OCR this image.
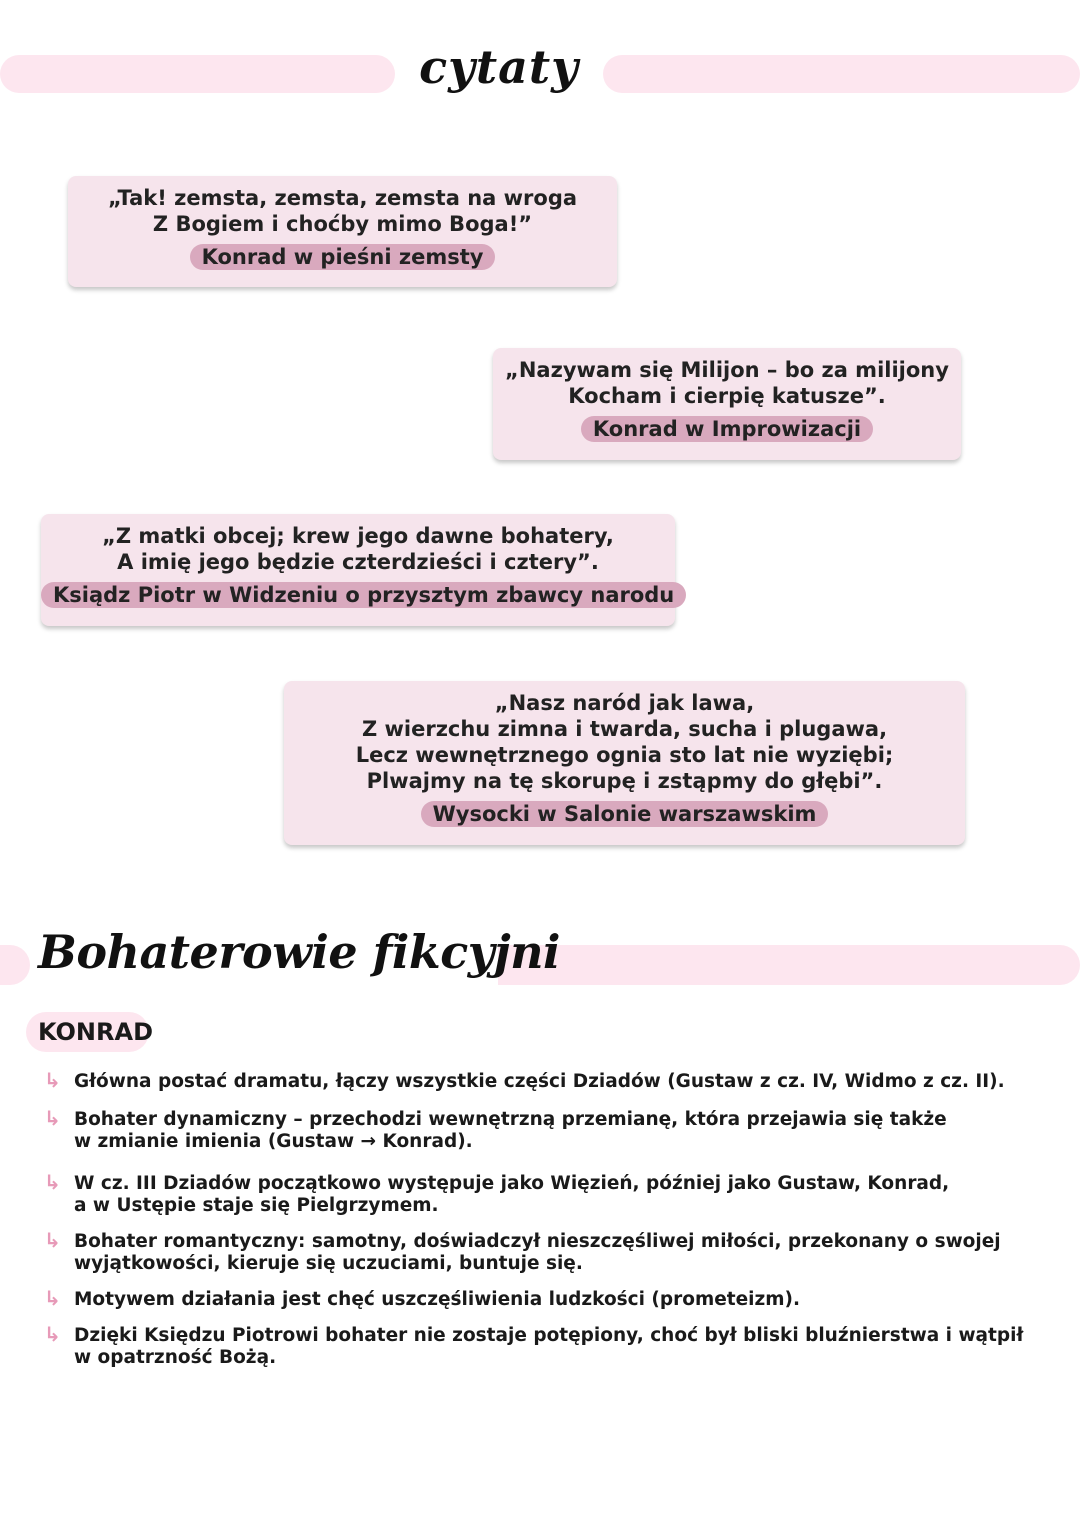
cytaty
„Tak! zemsta, zemsta, zemsta na wroga
Z Bogiem i choćby mimo Boga!”
Konrad w pieśni zemsty
„Nazywam się Milijon – bo za milijony
Kocham i cierpię katusze”.
Konrad w Improwizacji
„Z matki obcej; krew jego dawne bohatery,
A imię jego będzie czterdzieści i cztery”.
Ksiądz Piotr w Widzeniu o przysztym zbawcy narodu
„Nasz naród jak lawa,
Z wierzchu zimna i twarda, sucha i plugawa,
Lecz wewnętrznego ognia sto lat nie wyziębi;
Plwajmy na tę skorupę i zstąpmy do głębi”.
Wysocki w Salonie warszawskim
Bohaterowie fikcyjni
KONRAD
↳ Główna postać dramatu, łączy wszystkie części Dziadów (Gustaw z cz. IV, Widmo z cz. II).
↳ Bohater dynamiczny – przechodzi wewnętrzną przemianę, która przejawia się także
w zmianie imienia (Gustaw → Konrad).
↳ W cz. III Dziadów początkowo występuje jako Więzień, później jako Gustaw, Konrad,
a w Ustępie staje się Pielgrzymem.
↳ Bohater romantyczny: samotny, doświadczył nieszczęśliwej miłości, przekonany o swojej
wyjątkowości, kieruje się uczuciami, buntuje się.
↳ Motywem działania jest chęć uszczęśliwienia ludzkości (prometeizm).
↳ Dzięki Księdzu Piotrowi bohater nie zostaje potępiony, choć był bliski bluźnierstwa i wątpił
w opatrzność Bożą.
